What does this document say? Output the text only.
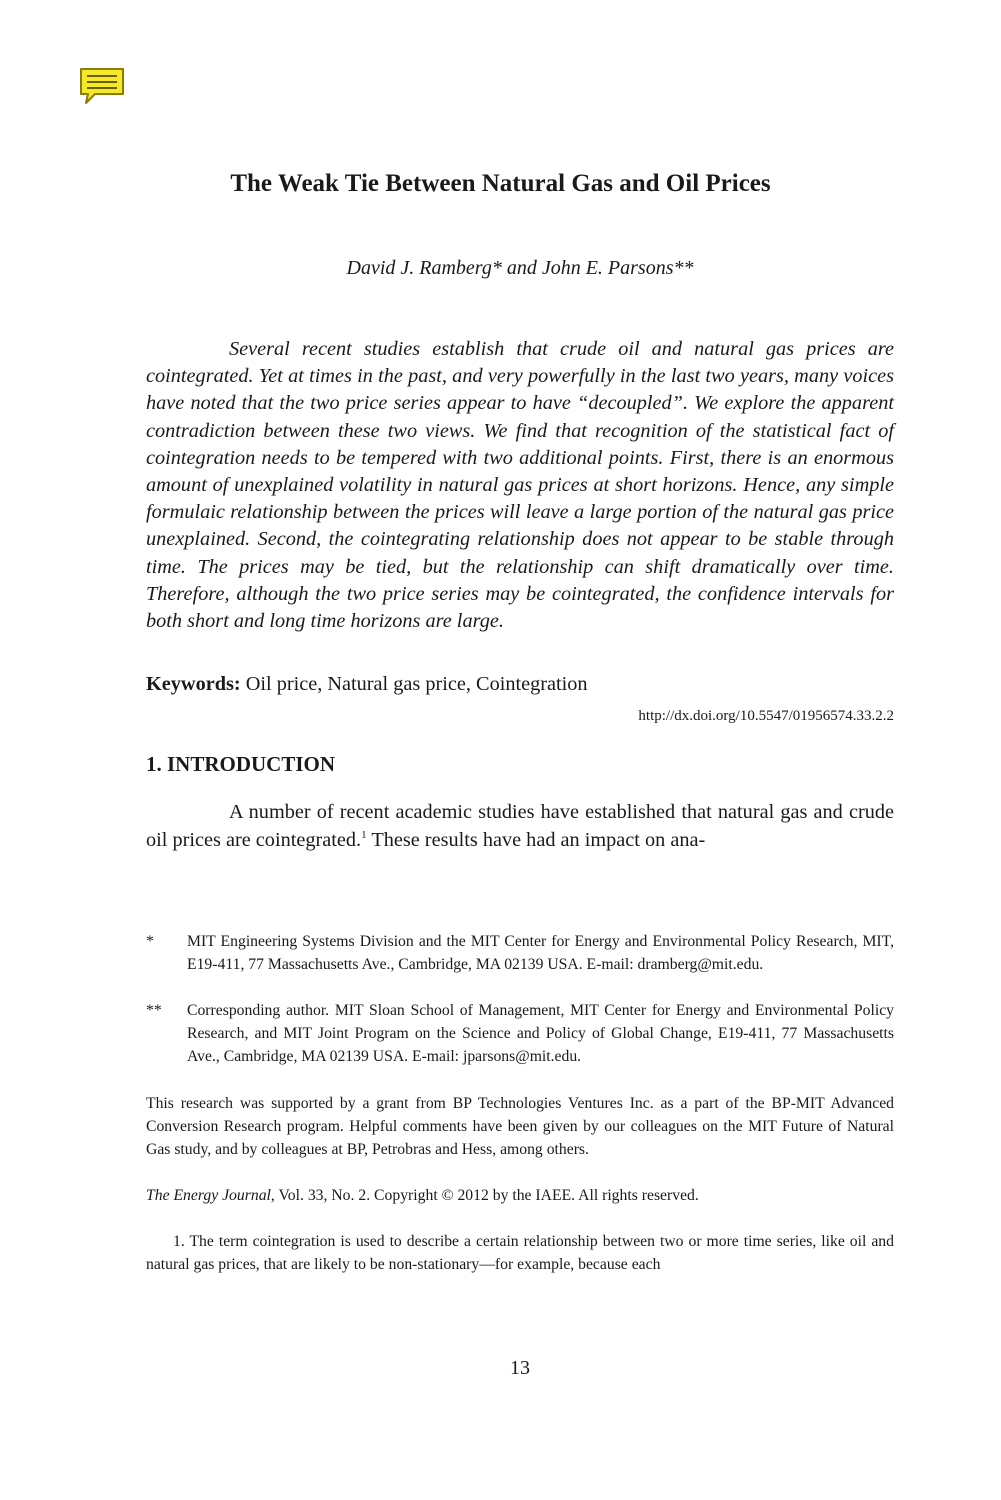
The Weak Tie Between Natural Gas and Oil Prices
David J. Ramberg* and John E. Parsons**

Several recent studies establish that crude oil and natural gas prices are cointegrated. Yet at times in the past, and very powerfully in the last two years, many voices have noted that the two price series appear to have “decoupled”. We explore the apparent contradiction between these two views. We find that recognition of the statistical fact of cointegration needs to be tempered with two additional points. First, there is an enormous amount of unexplained volatility in natural gas prices at short horizons. Hence, any simple formulaic relationship between the prices will leave a large portion of the natural gas price unexplained. Second, the cointegrating relationship does not appear to be stable through time. The prices may be tied, but the relationship can shift dramatically over time. Therefore, although the two price series may be cointegrated, the confidence intervals for both short and long time horizons are large.

Keywords: Oil price, Natural gas price, Cointegration
http://dx.doi.org/10.5547/01956574.33.2.2
1. INTRODUCTION

A number of recent academic studies have established that natural gas and crude oil prices are cointegrated.$^1$ These results have had an impact on ana-

* MIT Engineering Systems Division and the MIT Center for Energy and Environmental Policy Research, MIT, E19-411, 77 Massachusetts Ave., Cambridge, MA 02139 USA. E-mail: dramberg@mit.edu.
** Corresponding author. MIT Sloan School of Management, MIT Center for Energy and Environmental Policy Research, and MIT Joint Program on the Science and Policy of Global Change, E19-411, 77 Massachusetts Ave., Cambridge, MA 02139 USA. E-mail: jparsons@mit.edu.

This research was supported by a grant from BP Technologies Ventures Inc. as a part of the BP-MIT Advanced Conversion Research program. Helpful comments have been given by our colleagues on the MIT Future of Natural Gas study, and by colleagues at BP, Petrobras and Hess, among others.

The Energy Journal, Vol. 33, No. 2. Copyright © 2012 by the IAEE. All rights reserved.

1. The term cointegration is used to describe a certain relationship between two or more time series, like oil and natural gas prices, that are likely to be non-stationary—for example, because each

13
